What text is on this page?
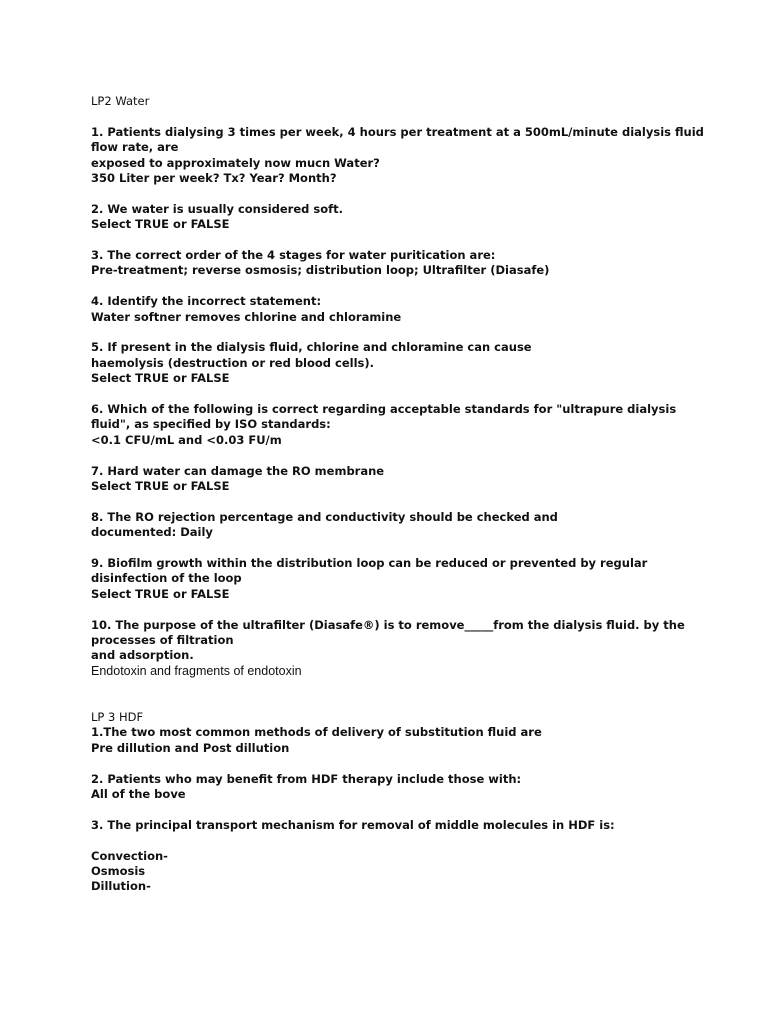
LP2 Water
1. Patients dialysing 3 times per week, 4 hours per treatment at a 500mL/minute dialysis fluid
flow rate, are
exposed to approximately now mucn Water?
350 Liter per week? Tx? Year? Month?
2. We water is usually considered soft.
Select TRUE or FALSE
3. The correct order of the 4 stages for water puritication are:
Pre-treatment; reverse osmosis; distribution loop; Ultrafilter (Diasafe)
4. Identify the incorrect statement:
Water softner removes chlorine and chloramine
5. If present in the dialysis fluid, chlorine and chloramine can cause
haemolysis (destruction or red blood cells).
Select TRUE or FALSE
6. Which of the following is correct regarding acceptable standards for "ultrapure dialysis
fluid", as specified by ISO standards:
<0.1 CFU/mL and <0.03 FU/m
7. Hard water can damage the RO membrane
Select TRUE or FALSE
8. The RO rejection percentage and conductivity should be checked and
documented: Daily
9. Biofilm growth within the distribution loop can be reduced or prevented by regular
disinfection of the loop
Select TRUE or FALSE
10. The purpose of the ultrafilter (Diasafe®) is to remove_____from the dialysis fluid. by the
processes of filtration
and adsorption.
Endotoxin and fragments of endotoxin
LP 3 HDF
1.The two most common methods of delivery of substitution fluid are
Pre dillution and Post dillution
2. Patients who may benefit from HDF therapy include those with:
All of the bove
3. The principal transport mechanism for removal of middle molecules in HDF is:
Convection-
Osmosis
Dillution-
